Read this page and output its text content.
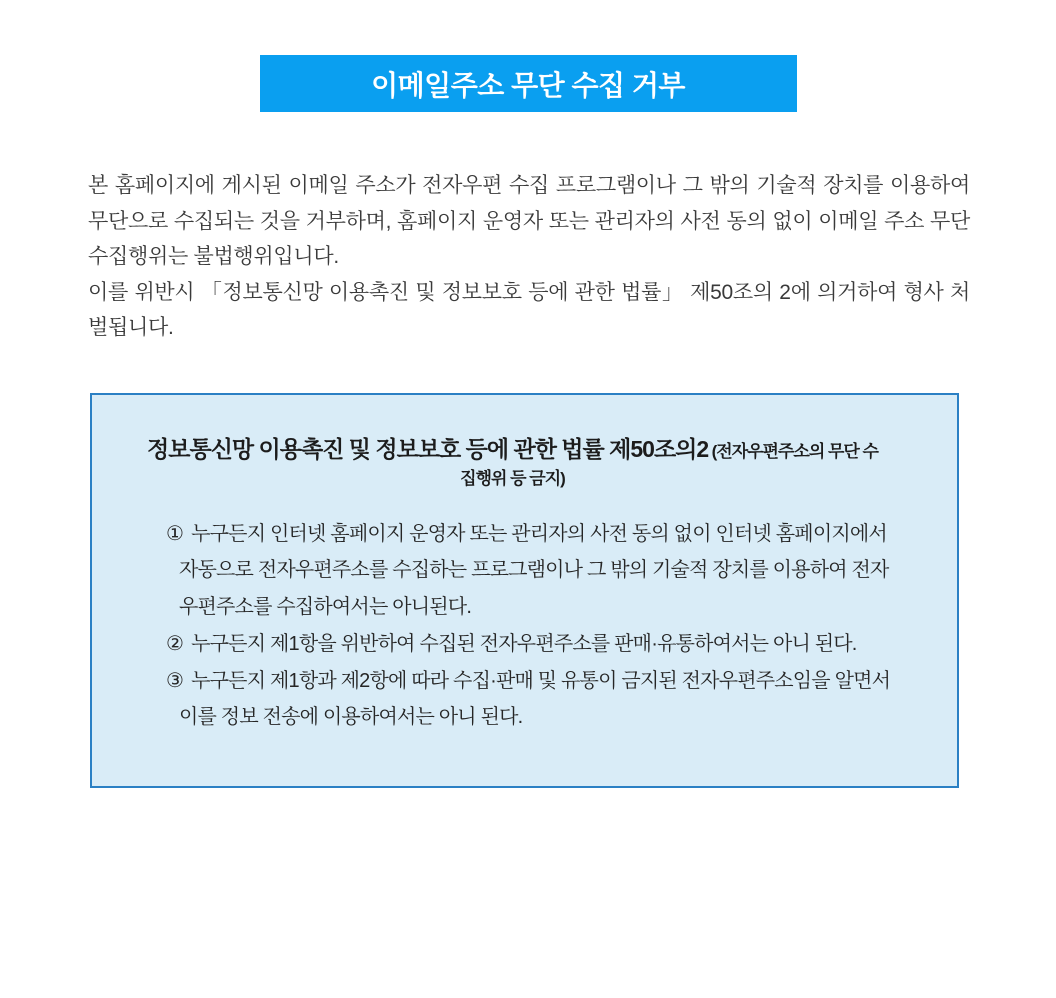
이메일주소 무단 수집 거부

본 홈페이지에 게시된 이메일 주소가 전자우편 수집 프로그램이나 그 밖의 기술적 장치를 이용하여 무단으로 수집되는 것을 거부하며, 홈페이지 운영자 또는 관리자의 사전 동의 없이 이메일 주소 무단 수집행위는 불법행위입니다.

이를 위반시 「정보통신망 이용촉진 및 정보보호 등에 관한 법률」 제50조의 2에 의거하여 형사 처벌됩니다.

정보통신망 이용촉진 및 정보보호 등에 관한 법률 제50조의2 (전자우편주소의 무단 수집행위 등 금지)

① 누구든지 인터넷 홈페이지 운영자 또는 관리자의 사전 동의 없이 인터넷 홈페이지에서 자동으로 전자우편주소를 수집하는 프로그램이나 그 밖의 기술적 장치를 이용하여 전자우편주소를 수집하여서는 아니된다.

② 누구든지 제1항을 위반하여 수집된 전자우편주소를 판매·유통하여서는 아니 된다.

③ 누구든지 제1항과 제2항에 따라 수집·판매 및 유통이 금지된 전자우편주소임을 알면서 이를 정보 전송에 이용하여서는 아니 된다.
